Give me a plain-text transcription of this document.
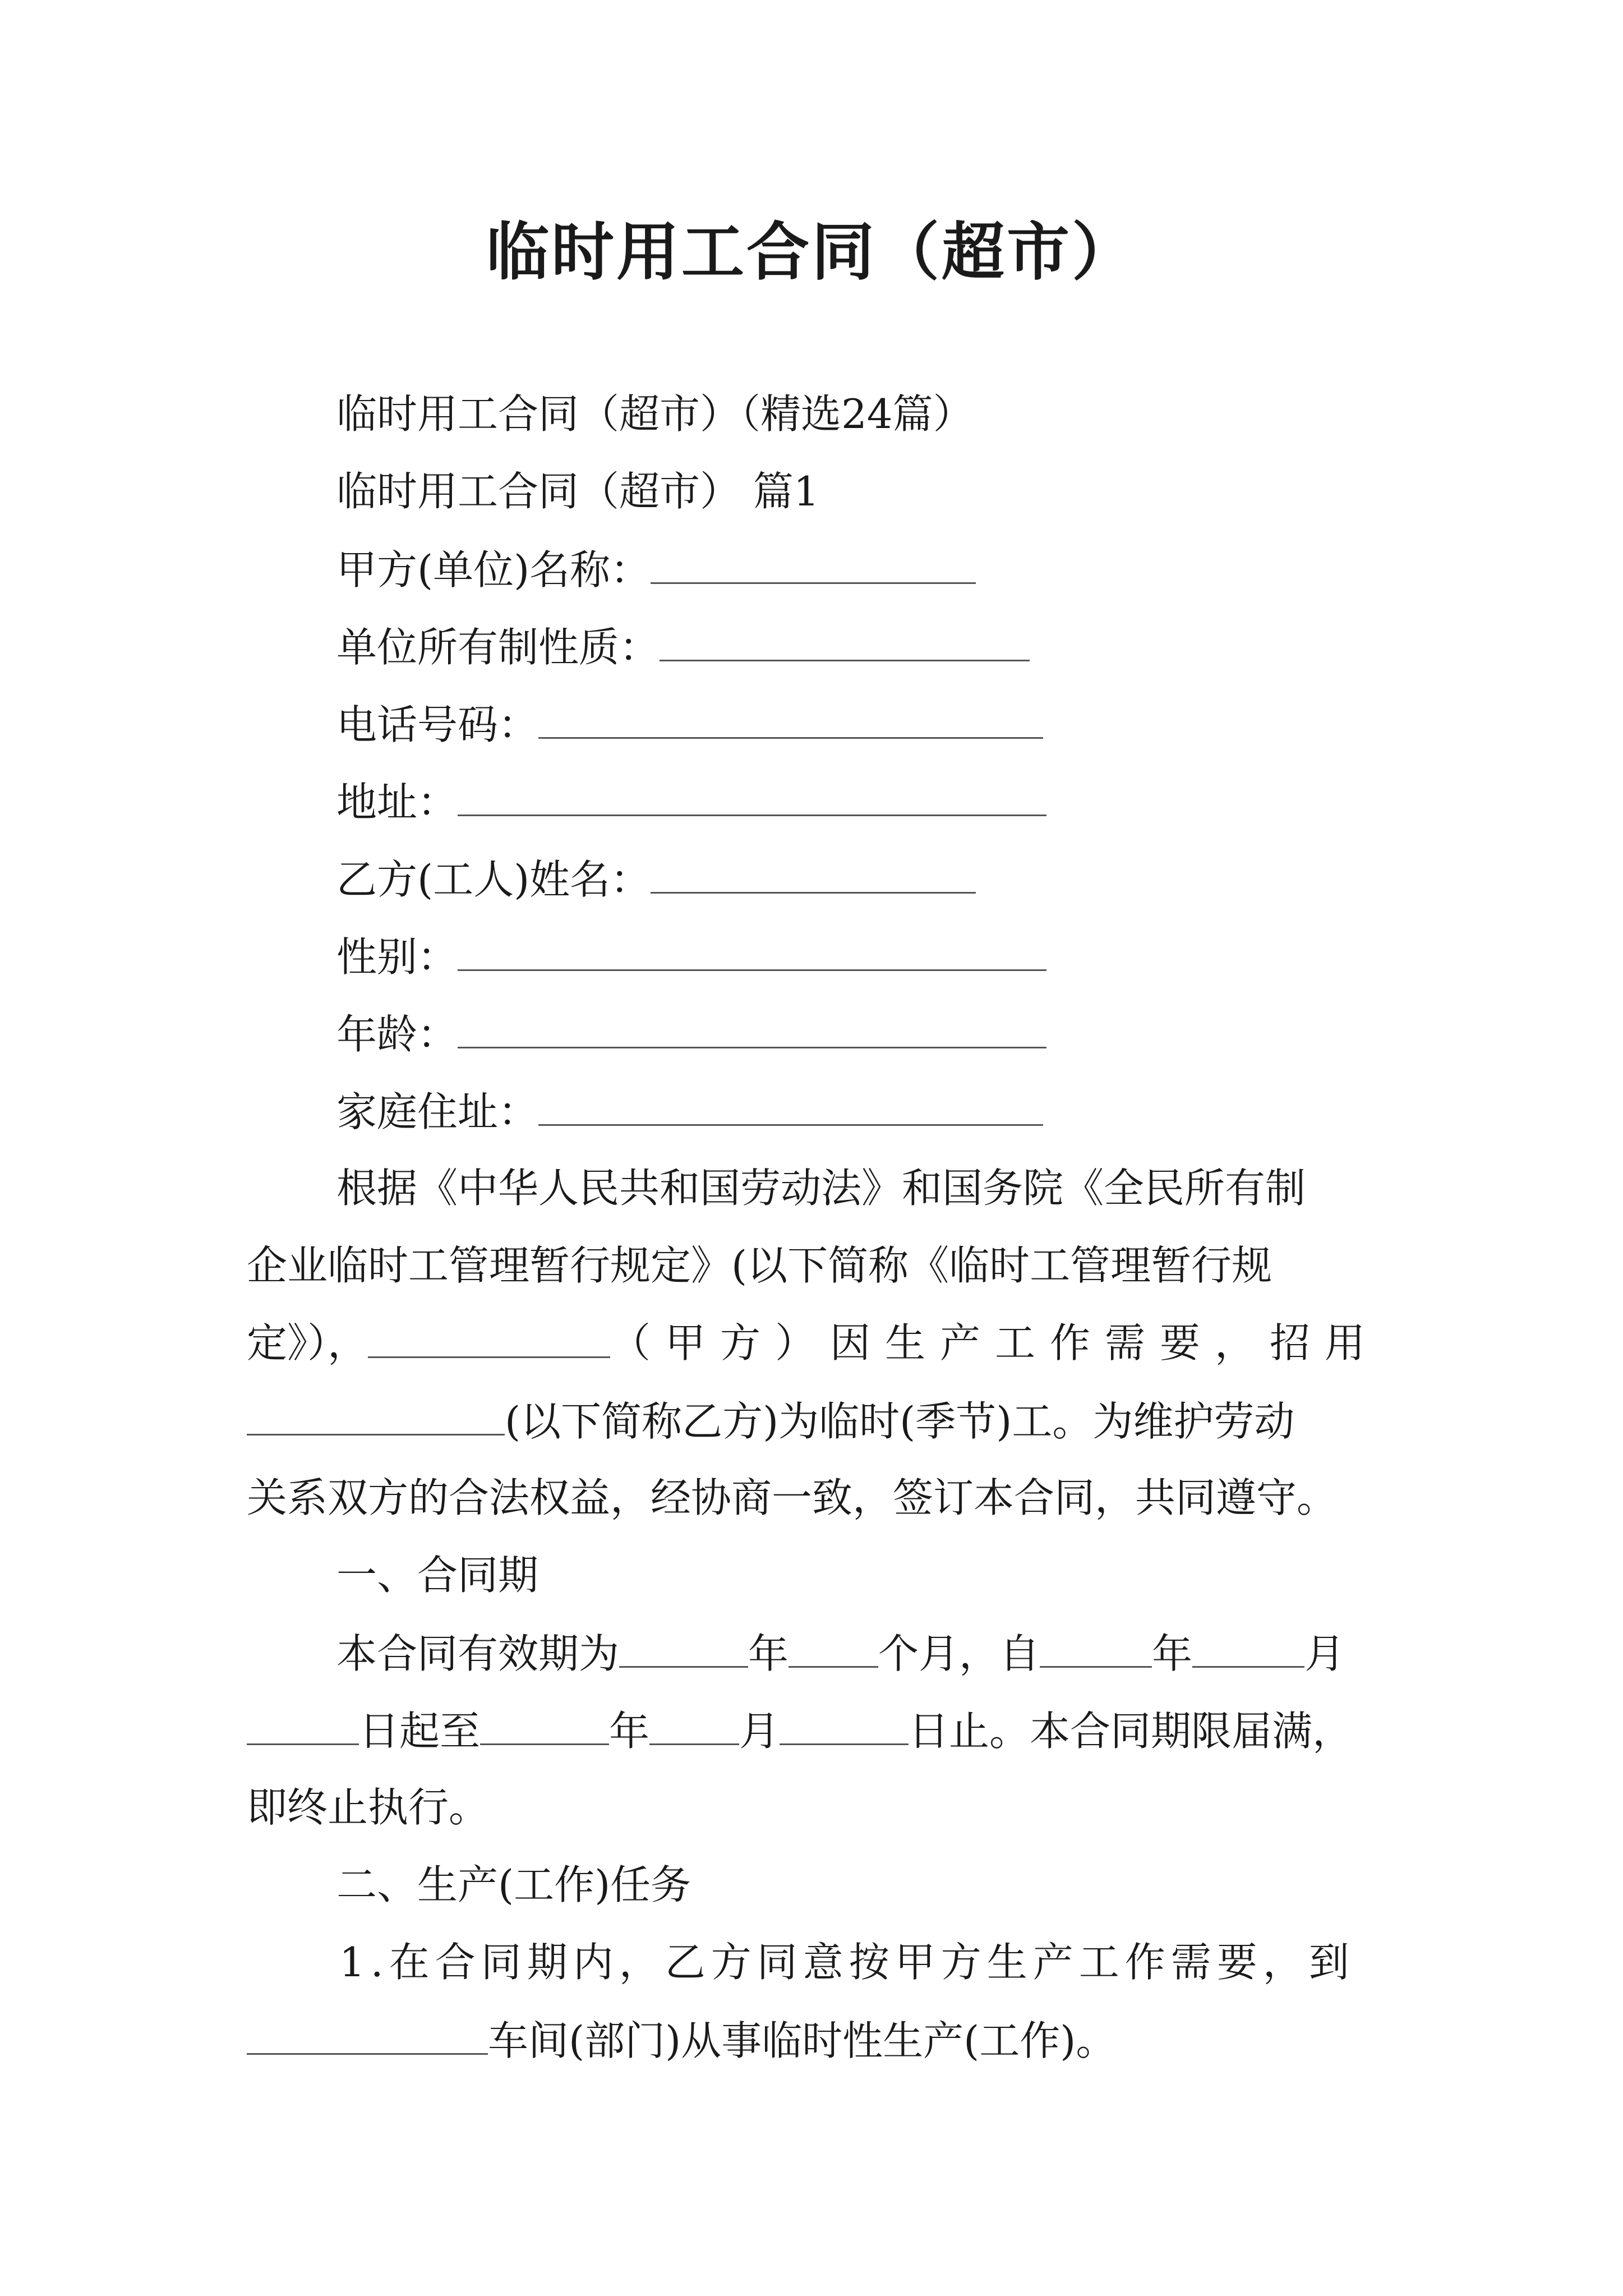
临时用工合同（超市）
临时用工合同（超市）（精选24篇）
临时用工合同（超市） 篇1
甲方(单位)名称：
单位所有制性质：
电话号码：
地址：
乙方(工人)姓名：
性别：
年龄：
家庭住址：
根据《中华人民共和国劳动法》和国务院《全民所有制
企业临时工管理暂行规定》(以下简称《临时工管理暂行规
定》），	（甲方）因生产工作需要，招用
(以下简称乙方)为临时(季节)工。为维护劳动
关系双方的合法权益，经协商一致，签订本合同，共同遵守。
一、合同期
本合同有效期为	年 个月，自	年	月
日起至	年 月	日止。本合同期限届满，
即终止执行。
二、生产(工作)任务
1.在合同期内，乙方同意按甲方生产工作需要，到
车间(部门)从事临时性生产(工作)。
